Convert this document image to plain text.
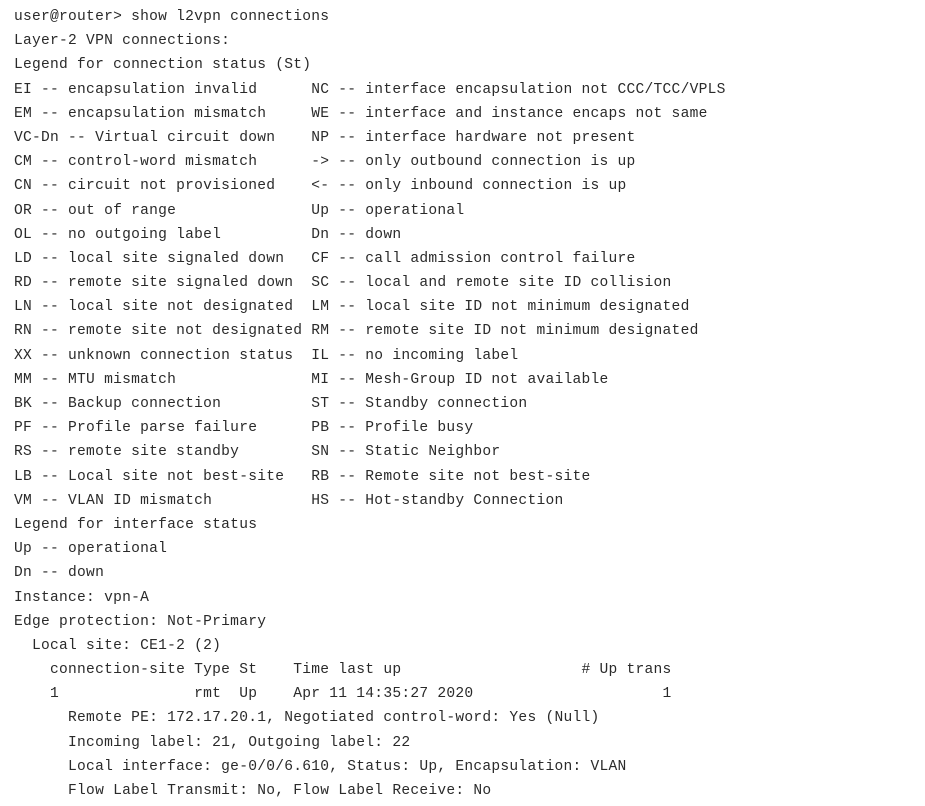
user@router> show l2vpn connections
Layer-2 VPN connections:
Legend for connection status (St)
EI -- encapsulation invalid      NC -- interface encapsulation not CCC/TCC/VPLS
EM -- encapsulation mismatch     WE -- interface and instance encaps not same
VC-Dn -- Virtual circuit down    NP -- interface hardware not present
CM -- control-word mismatch      -> -- only outbound connection is up
CN -- circuit not provisioned    <- -- only inbound connection is up
OR -- out of range               Up -- operational
OL -- no outgoing label          Dn -- down
LD -- local site signaled down   CF -- call admission control failure
RD -- remote site signaled down  SC -- local and remote site ID collision
LN -- local site not designated  LM -- local site ID not minimum designated
RN -- remote site not designated RM -- remote site ID not minimum designated
XX -- unknown connection status  IL -- no incoming label
MM -- MTU mismatch               MI -- Mesh-Group ID not available
BK -- Backup connection          ST -- Standby connection
PF -- Profile parse failure      PB -- Profile busy
RS -- remote site standby        SN -- Static Neighbor
LB -- Local site not best-site   RB -- Remote site not best-site
VM -- VLAN ID mismatch           HS -- Hot-standby Connection
Legend for interface status
Up -- operational
Dn -- down
Instance: vpn-A
Edge protection: Not-Primary
Local site: CE1-2 (2)
connection-site Type St    Time last up                    # Up trans
1               rmt  Up    Apr 11 14:35:27 2020                     1
Remote PE: 172.17.20.1, Negotiated control-word: Yes (Null)
Incoming label: 21, Outgoing label: 22
Local interface: ge-0/0/6.610, Status: Up, Encapsulation: VLAN
Flow Label Transmit: No, Flow Label Receive: No
